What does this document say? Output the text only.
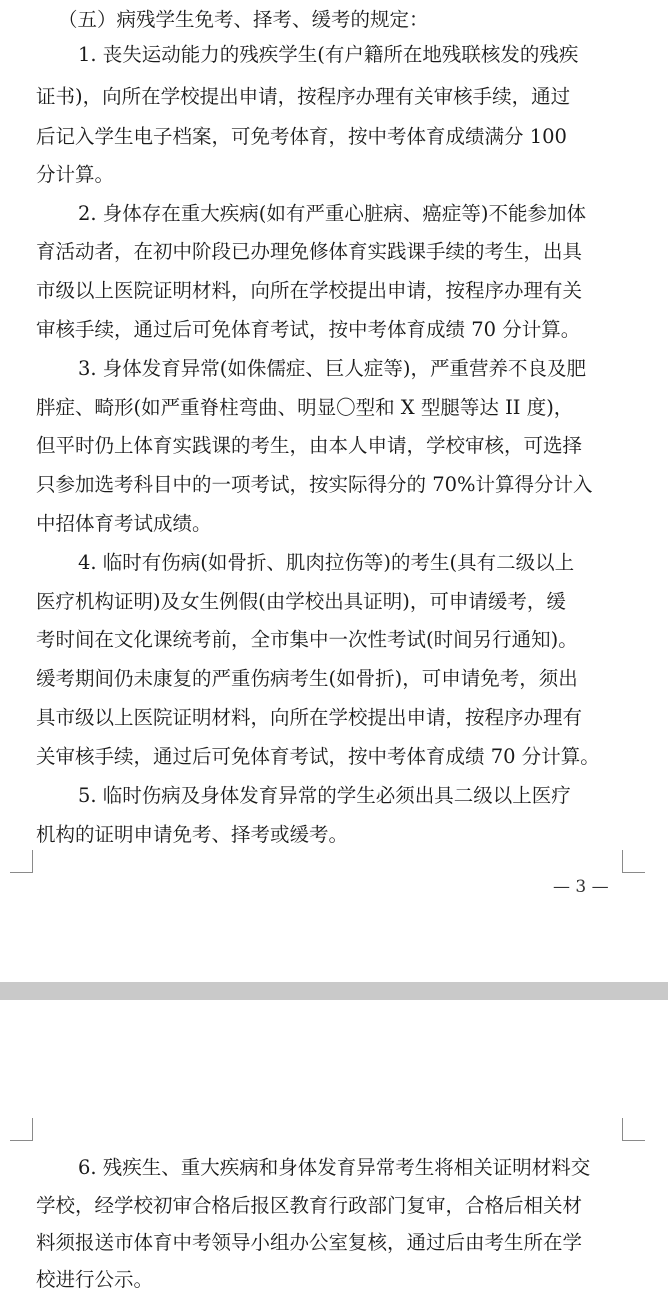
（五）病残学生免考、择考、缓考的规定：
1. 丧失运动能力的残疾学生(有户籍所在地残联核发的残疾
证书)，向所在学校提出申请，按程序办理有关审核手续，通过
后记入学生电子档案，可免考体育，按中考体育成绩满分 100
分计算。
2. 身体存在重大疾病(如有严重心脏病、癌症等)不能参加体
育活动者，在初中阶段已办理免修体育实践课手续的考生，出具
市级以上医院证明材料，向所在学校提出申请，按程序办理有关
审核手续，通过后可免体育考试，按中考体育成绩 70 分计算。
3. 身体发育异常(如侏儒症、巨人症等)，严重营养不良及肥
胖症、畸形(如严重脊柱弯曲、明显〇型和 X 型腿等达 II 度)，
但平时仍上体育实践课的考生，由本人申请，学校审核，可选择
只参加选考科目中的一项考试，按实际得分的 70%计算得分计入
中招体育考试成绩。
4. 临时有伤病(如骨折、肌肉拉伤等)的考生(具有二级以上
医疗机构证明)及女生例假(由学校出具证明)，可申请缓考，缓
考时间在文化课统考前，全市集中一次性考试(时间另行通知)。
缓考期间仍未康复的严重伤病考生(如骨折)，可申请免考，须出
具市级以上医院证明材料，向所在学校提出申请，按程序办理有
关审核手续，通过后可免体育考试，按中考体育成绩 70 分计算。
5. 临时伤病及身体发育异常的学生必须出具二级以上医疗
机构的证明申请免考、择考或缓考。
— 3 —
6. 残疾生、重大疾病和身体发育异常考生将相关证明材料交
学校，经学校初审合格后报区教育行政部门复审，合格后相关材
料须报送市体育中考领导小组办公室复核，通过后由考生所在学
校进行公示。
